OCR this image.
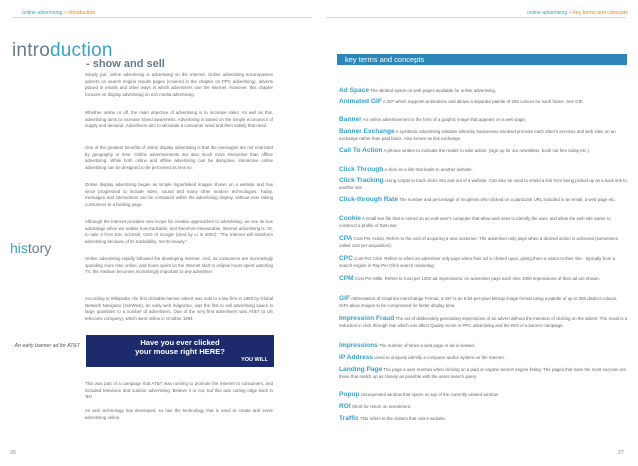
online advertising > introduction	online advertising > key terms and concepts
introduction
- show and sell

Simply put, online advertising is advertising on the Internet. Online advertising encompasses adverts on search engine results pages (covered in the chapter on PPC advertising), adverts placed in emails and other ways in which advertisers use the Internet. However, this chapter focuses on display advertising on rich media advertising.

Whether online or off, the main objective of advertising is to increase sales. As well as this, advertising aims to increase brand awareness. Advertising is based on the simple economics of supply and demand. Advertisers aim to stimulate a consumer need and then satisfy that need.

One of the greatest benefits of online display advertising is that the messages are not restricted by geography or time. Online advertisements are also much more interactive than offline advertising. While both online and offline advertising can be disruptive, interactive online advertising can be designed to be perceived as less so.

Online display advertising began as simple hyperlinked images shown on a website and has since progressed to include video, sound and many other modern technologies. Today, messages and interactions can be contained within the advertising display, without ever taking consumers to a landing page.

Although the Internet provides new scope for creative approaches to advertising, we see its true advantage when we realise how trackable, and therefore measurable, Internet advertising is. Or, to take it from Eric Schmidt, CEO of Google (cited by Li in 2002): "The Internet will transform advertising because of its trackability, not its beauty."

history

Online advertising rapidly followed the developing Internet. And, as consumers are increasingly spending more time online, and hours spent on the Internet start to eclipse hours spent watching TV, the medium becomes increasingly important to any advertiser.

According to Wikipedia, the first clickable banner advert was sold to a law firm in 1993 by Global Network Navigator (NorWest), an early web magazine, was the first to sell advertising space in large quantities to a number of advertisers. One of the very first advertisers was AT&T (a US telecoms company), which went online in October 1994.

Have you ever clicked
your mouse right HERE?
YOU WILL
An early banner ad for AT&T

This was part of a campaign that AT&T was running to promote the Internet to consumers, and included television and outdoor advertising. Believe it or not, but this was cutting edge back in '94!

As web technology has developed, so has the technology that is used to create and serve advertising online.

26
key terms and concepts

Ad Space The allotted space on web pages available for online advertising.

Animated GIF A GIF which supports animations and allows a separate palette of 256 colours for each frame. See GIF.

Banner An online advertisement in the form of a graphic image that appears on a web page.

Banner Exchange A symbiotic advertising initiative whereby businesses involved promote each other's services and web sites on an exchange rather than paid basis. Also known as link exchange.

Call To Action A phrase written to motivate the reader to take action. (sign up for our newsletter, book car hire today etc.).

Click Through A click on a link that leads to another website.

Click Tracking Using scripts to track clicks into and out of a website. Can also be used to shield a link from being picked up as a back link to another site.

Click-through Rate The number and percentage of recipients who clicked on a particular URL included in an email, a web page etc.

Cookie A small text file that is stored on an end-user's computer that allow web sites to identify the user, and allow the web site owner to construct a profile of that user.

CPA Cost Per Action. Refers to the cost of acquiring a new customer. The advertiser only pays when a desired action is achieved (sometimes called cost per acquisition).

CPC Cost Per Click. Refers to when an advertiser only pays when their ad is clicked upon, giving them a visitor to their site - typically from a search engine in Pay Per Click search marketing.

CPM Cost Per Mille. Refers to Cost per 1000 ad impressions. An advertiser pays each time 1000 impressions of their ad are shown.

GIF Abbreviation of Graphics Interchange Format, a GIF is an 8-bit-per-pixel bitmap image format using a palette of up to 256 distinct colours. GIFs allow images to be compressed for faster display time.

Impression Fraud The act of deliberately generating impressions of an advert without the intention of clicking on the advert. The result is a reduction in click through rate which can affect Quality Score in PPC advertising and the ROI of a banner campaign.

Impressions The number of times a web page or ad is viewed.

IP Address Used to uniquely identify a computer and/or system on the Internet.

Landing Page The page a user reaches when clicking on a paid or organic search engine listing. The pages that have the most success are those that match up as closely as possible with the users search query.

Popup Unrequested window that opens on top of the currently viewed window.

ROI Short for return on investment.

Traffic This refers to the visitors that visit a website.

27
